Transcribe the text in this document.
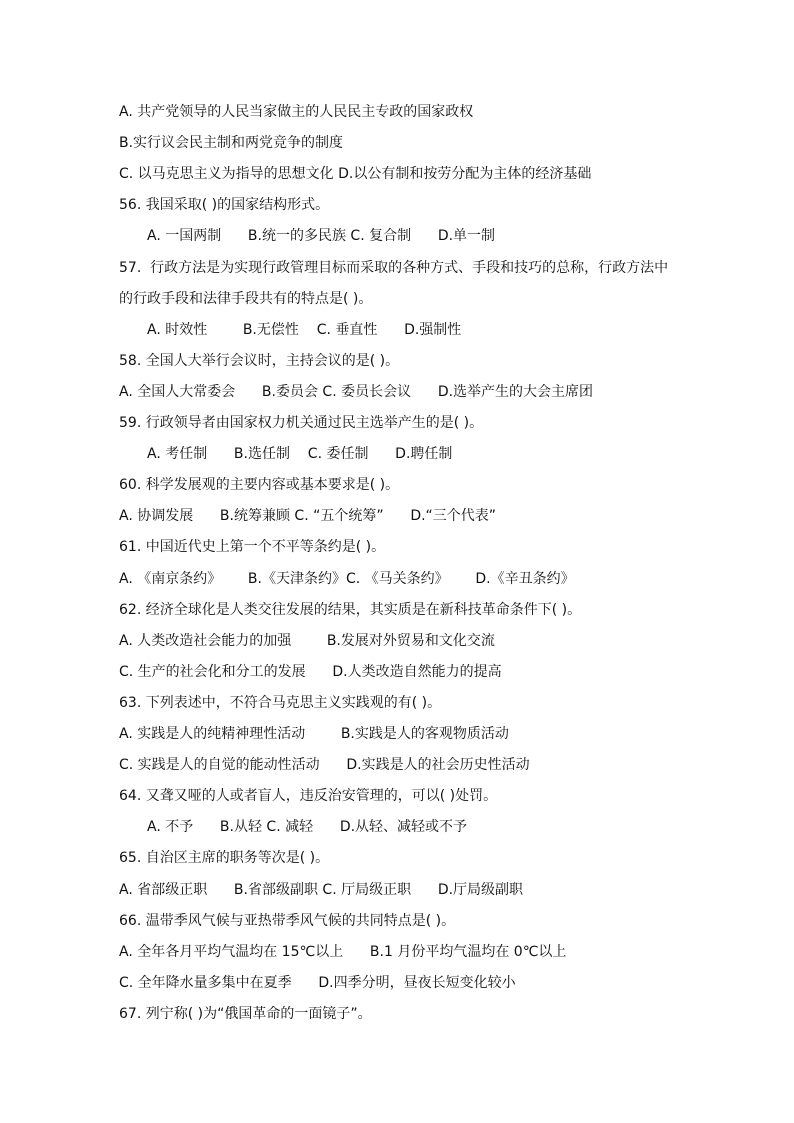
A. 共产党领导的人民当家做主的人民民主专政的国家政权
B.实行议会民主制和两党竞争的制度
C. 以马克思主义为指导的思想文化 D.以公有制和按劳分配为主体的经济基础
56. 我国采取( )的国家结构形式。
A. 一国两制      B.统一的多民族 C. 复合制      D.单一制
57.  行政方法是为实现行政管理目标而采取的各种方式、手段和技巧的总称，行政方法中
的行政手段和法律手段共有的特点是( )。
A. 时效性        B.无偿性    C. 垂直性      D.强制性
58. 全国人大举行会议时，主持会议的是( )。
A. 全国人大常委会      B.委员会 C. 委员长会议      D.选举产生的大会主席团
59. 行政领导者由国家权力机关通过民主选举产生的是( )。
A. 考任制      B.选任制    C. 委任制      D.聘任制
60. 科学发展观的主要内容或基本要求是( )。
A. 协调发展      B.统筹兼顾 C. “五个统筹”      D.“三个代表”
61. 中国近代史上第一个不平等条约是( )。
A. 《南京条约》      B.《天津条约》C. 《马关条约》      D.《辛丑条约》
62. 经济全球化是人类交往发展的结果，其实质是在新科技革命条件下( )。
A. 人类改造社会能力的加强        B.发展对外贸易和文化交流
C. 生产的社会化和分工的发展      D.人类改造自然能力的提高
63. 下列表述中，不符合马克思主义实践观的有( )。
A. 实践是人的纯精神理性活动        B.实践是人的客观物质活动
C. 实践是人的自觉的能动性活动      D.实践是人的社会历史性活动
64. 又聋又哑的人或者盲人，违反治安管理的，可以( )处罚。
A. 不予      B.从轻 C. 减轻      D.从轻、减轻或不予
65. 自治区主席的职务等次是( )。
A. 省部级正职      B.省部级副职 C. 厅局级正职      D.厅局级副职
66. 温带季风气候与亚热带季风气候的共同特点是( )。
A. 全年各月平均气温均在 15℃以上      B.1 月份平均气温均在 0℃以上
C. 全年降水量多集中在夏季      D.四季分明，昼夜长短变化较小
67. 列宁称( )为“俄国革命的一面镜子”。
